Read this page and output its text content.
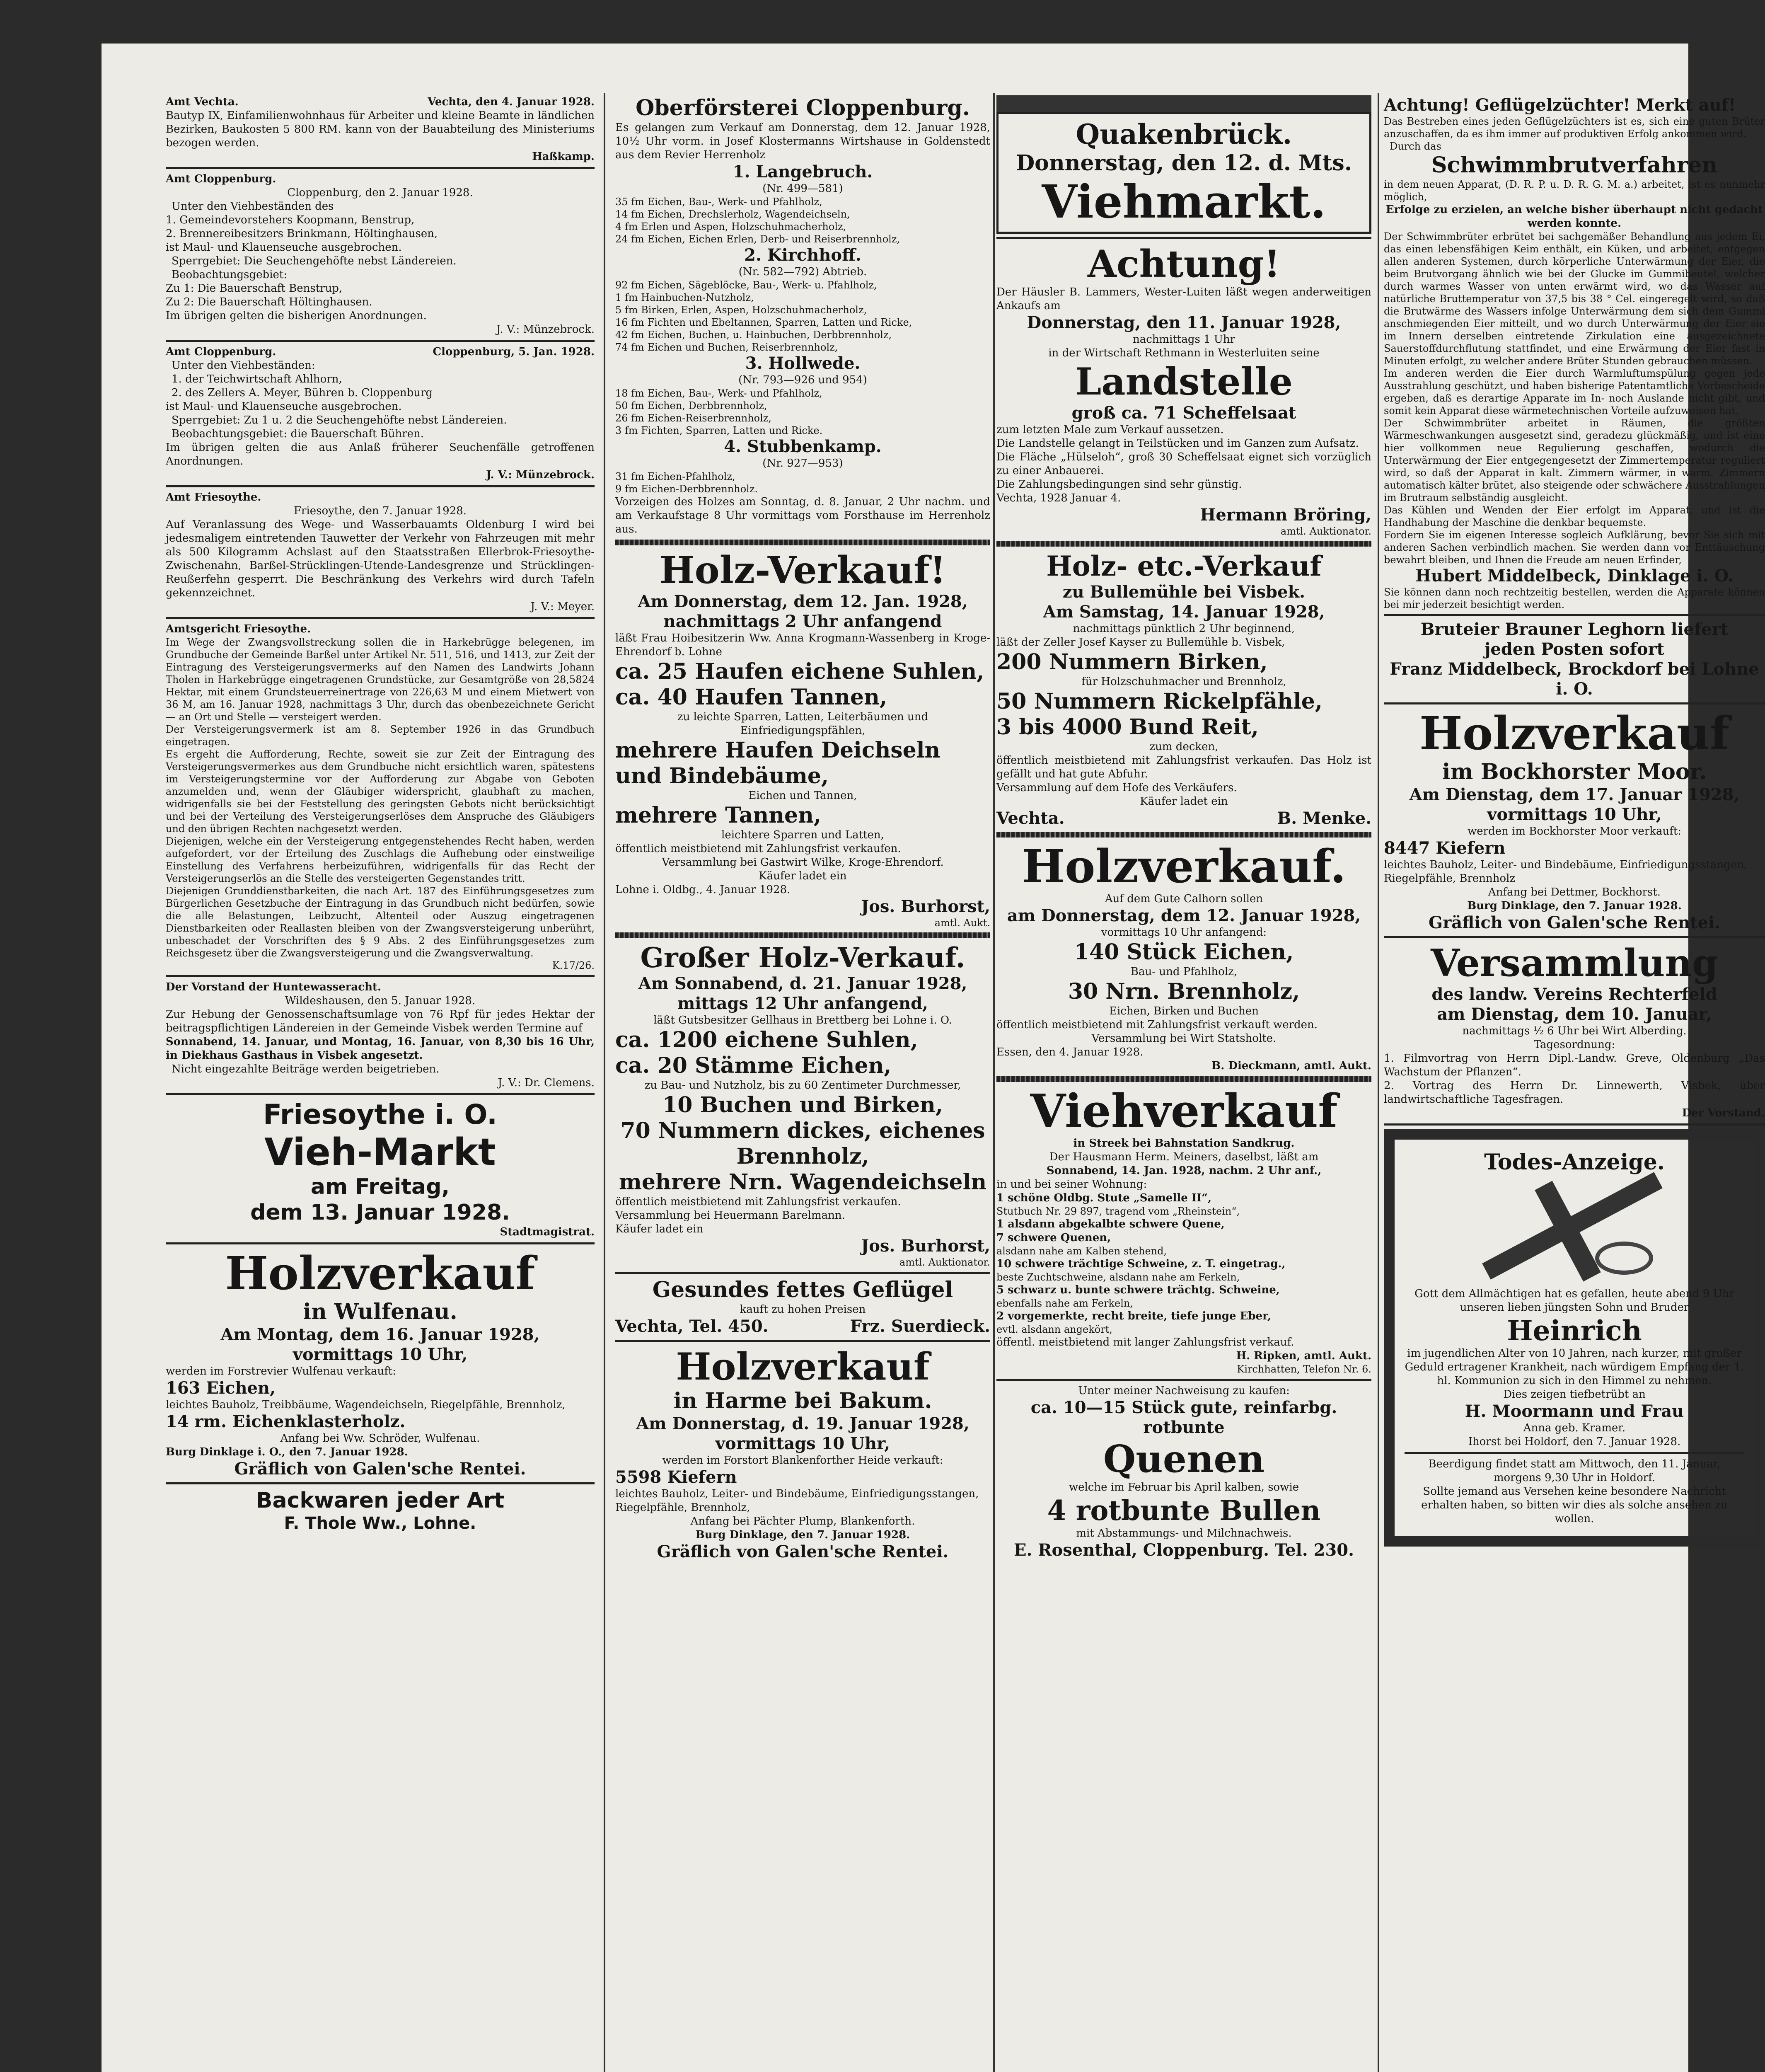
Amt Vechta.	Vechta, den 4. Januar 1928.
Bautyp IX, Einfamilienwohnhaus für Arbeiter und kleine Beamte in ländlichen Bezirken, Baukosten 5 800 RM. kann von der Bauabteilung des Ministeriums bezogen werden.
Haßkamp.
Amt Cloppenburg.
Cloppenburg, den 2. Januar 1928.
Unter den Viehbeständen des
1. Gemeindevorstehers Koopmann, Benstrup,
2. Brennereibesitzers Brinkmann, Höltinghausen,
ist Maul- und Klauenseuche ausgebrochen.
Sperrgebiet: Die Seuchengehöfte nebst Ländereien.
Beobachtungsgebiet:
Zu 1: Die Bauerschaft Benstrup,
Zu 2: Die Bauerschaft Höltinghausen.
Im übrigen gelten die bisherigen Anordnungen.
J. V.: Münzebrock.
Amt Cloppenburg.	Cloppenburg, 5. Jan. 1928.
Unter den Viehbeständen:
1. der Teichwirtschaft Ahlhorn,
2. des Zellers A. Meyer, Bühren b. Cloppenburg
ist Maul- und Klauenseuche ausgebrochen.
Sperrgebiet: Zu 1 u. 2 die Seuchengehöfte nebst Ländereien.
Beobachtungsgebiet: die Bauerschaft Bühren.
Im übrigen gelten die aus Anlaß früherer Seuchenfälle getroffenen Anordnungen.
J. V.: Münzebrock.
Amt Friesoythe.
Friesoythe, den 7. Januar 1928.
Auf Veranlassung des Wege- und Wasserbauamts Oldenburg I wird bei jedesmaligem eintretenden Tauwetter der Verkehr von Fahrzeugen mit mehr als 500 Kilogramm Achslast auf den Staatsstraßen Ellerbrok-Friesoythe-Zwischenahn, Barßel-Strücklingen-Utende-Landesgrenze und Strücklingen-Reußerfehn gesperrt. Die Beschränkung des Verkehrs wird durch Tafeln gekennzeichnet.
J. V.: Meyer.
Amtsgericht Friesoythe.
Im Wege der Zwangsvollstreckung sollen die in Harkebrügge belegenen, im Grundbuche der Gemeinde Barßel unter Artikel Nr. 511, 516, und 1413, zur Zeit der Eintragung des Versteigerungsvermerks auf den Namen des Landwirts Johann Tholen in Harkebrügge eingetragenen Grundstücke, zur Gesamtgröße von 28,5824 Hektar, mit einem Grundsteuerreinertrage von 226,63 M und einem Mietwert von 36 M, am 16. Januar 1928, nachmittags 3 Uhr, durch das obenbezeichnete Gericht — an Ort und Stelle — versteigert werden.
Der Versteigerungsvermerk ist am 8. September 1926 in das Grundbuch eingetragen.
Es ergeht die Aufforderung, Rechte, soweit sie zur Zeit der Eintragung des Versteigerungsvermerkes aus dem Grundbuche nicht ersichtlich waren, spätestens im Versteigerungstermine vor der Aufforderung zur Abgabe von Geboten anzumelden und, wenn der Gläubiger widerspricht, glaubhaft zu machen, widrigenfalls sie bei der Feststellung des geringsten Gebots nicht berücksichtigt und bei der Verteilung des Versteigerungserlöses dem Anspruche des Gläubigers und den übrigen Rechten nachgesetzt werden.
Diejenigen, welche ein der Versteigerung entgegenstehendes Recht haben, werden aufgefordert, vor der Erteilung des Zuschlags die Aufhebung oder einstweilige Einstellung des Verfahrens herbeizuführen, widrigenfalls für das Recht der Versteigerungserlös an die Stelle des versteigerten Gegenstandes tritt.
Diejenigen Grunddienstbarkeiten, die nach Art. 187 des Einführungsgesetzes zum Bürgerlichen Gesetzbuche der Eintragung in das Grundbuch nicht bedürfen, sowie die alle Belastungen, Leibzucht, Altenteil oder Auszug eingetragenen Dienstbarkeiten oder Reallasten bleiben von der Zwangsversteigerung unberührt, unbeschadet der Vorschriften des § 9 Abs. 2 des Einführungsgesetzes zum Reichsgesetz über die Zwangsversteigerung und die Zwangsverwaltung.
K.17/26.
Der Vorstand der Huntewasseracht.
Wildeshausen, den 5. Januar 1928.
Zur Hebung der Genossenschaftsumlage von 76 Rpf für jedes Hektar der beitragspflichtigen Ländereien in der Gemeinde Visbek werden Termine auf
Sonnabend, 14. Januar, und Montag, 16. Januar, von 8,30 bis 16 Uhr, in Diekhaus Gasthaus in Visbek angesetzt.
Nicht eingezahlte Beiträge werden beigetrieben.
J. V.: Dr. Clemens.
Friesoythe i. O.
Vieh-Markt
am Freitag,
dem 13. Januar 1928.
Stadtmagistrat.
Holzverkauf
in Wulfenau.
Am Montag, dem 16. Januar 1928,
vormittags 10 Uhr,
werden im Forstrevier Wulfenau verkauft:
163 Eichen,
leichtes Bauholz, Treibbäume, Wagendeichseln, Riegelpfähle, Brennholz,
14 rm. Eichenklasterholz.
Anfang bei Ww. Schröder, Wulfenau.
Burg Dinklage i. O., den 7. Januar 1928.
Gräflich von Galen'sche Rentei.
Backwaren jeder Art
F. Thole Ww., Lohne.
Oberförsterei Cloppenburg.
Es gelangen zum Verkauf am Donnerstag, dem 12. Januar 1928, 10½ Uhr vorm. in Josef Klostermanns Wirtshause in Goldenstedt aus dem Revier Herrenholz
1. Langebruch.
(Nr. 499—581)
35 fm Eichen, Bau-, Werk- und Pfahlholz,
14 fm Eichen, Drechslerholz, Wagendeichseln,
4 fm Erlen und Aspen, Holzschuhmacherholz,
24 fm Eichen, Eichen Erlen, Derb- und Reiserbrennholz,
2. Kirchhoff.
(Nr. 582—792) Abtrieb.
92 fm Eichen, Sägeblöcke, Bau-, Werk- u. Pfahlholz,
1 fm Hainbuchen-Nutzholz,
5 fm Birken, Erlen, Aspen, Holzschuhmacherholz,
16 fm Fichten und Ebeltannen, Sparren, Latten und Ricke,
42 fm Eichen, Buchen, u. Hainbuchen, Derbbrennholz,
74 fm Eichen und Buchen, Reiserbrennholz,
3. Hollwede.
(Nr. 793—926 und 954)
18 fm Eichen, Bau-, Werk- und Pfahlholz,
50 fm Eichen, Derbbrennholz,
26 fm Eichen-Reiserbrennholz,
3 fm Fichten, Sparren, Latten und Ricke.
4. Stubbenkamp.
(Nr. 927—953)
31 fm Eichen-Pfahlholz,
9 fm Eichen-Derbbrennholz.
Vorzeigen des Holzes am Sonntag, d. 8. Januar, 2 Uhr nachm. und am Verkaufstage 8 Uhr vormittags vom Forsthause im Herrenholz aus.
Holz-Verkauf!
Am Donnerstag, dem 12. Jan. 1928,
nachmittags 2 Uhr anfangend
läßt Frau Hoibesitzerin Ww. Anna Krogmann-Wassenberg in Kroge-Ehrendorf b. Lohne
ca. 25 Haufen eichene Suhlen,
ca. 40 Haufen Tannen,
zu leichte Sparren, Latten, Leiterbäumen und Einfriedigungspfählen,
mehrere Haufen Deichseln und Bindebäume,
Eichen und Tannen,
mehrere Tannen,
leichtere Sparren und Latten,
öffentlich meistbietend mit Zahlungsfrist verkaufen.
Versammlung bei Gastwirt Wilke, Kroge-Ehrendorf.
Käufer ladet ein
Lohne i. Oldbg., 4. Januar 1928.
Jos. Burhorst,
amtl. Aukt.
Großer Holz-Verkauf.
Am Sonnabend, d. 21. Januar 1928,
mittags 12 Uhr anfangend,
läßt Gutsbesitzer Gellhaus in Brettberg bei Lohne i. O.
ca. 1200 eichene Suhlen,
ca. 20 Stämme Eichen,
zu Bau- und Nutzholz, bis zu 60 Zentimeter Durchmesser,
10 Buchen und Birken,
70 Nummern dickes, eichenes Brennholz,
mehrere Nrn. Wagendeichseln
öffentlich meistbietend mit Zahlungsfrist verkaufen.
Versammlung bei Heuermann Barelmann.
Käufer ladet ein
Jos. Burhorst,
amtl. Auktionator.
Gesundes fettes Geflügel
kauft zu hohen Preisen
Vechta, Tel. 450.	Frz. Suerdieck.
Holzverkauf
in Harme bei Bakum.
Am Donnerstag, d. 19. Januar 1928,
vormittags 10 Uhr,
werden im Forstort Blankenforther Heide verkauft:
5598 Kiefern
leichtes Bauholz, Leiter- und Bindebäume, Einfriedigungsstangen, Riegelpfähle, Brennholz,
Anfang bei Pächter Plump, Blankenforth.
Burg Dinklage, den 7. Januar 1928.
Gräflich von Galen'sche Rentei.
Quakenbrück.
Donnerstag, den 12. d. Mts.
Viehmarkt.
Achtung!
Der Häusler B. Lammers, Wester-Luiten läßt wegen anderweitigen Ankaufs am
Donnerstag, den 11. Januar 1928,
nachmittags 1 Uhr
in der Wirtschaft Rethmann in Westerluiten seine
Landstelle
groß ca. 71 Scheffelsaat
zum letzten Male zum Verkauf aussetzen.
Die Landstelle gelangt in Teilstücken und im Ganzen zum Aufsatz.
Die Fläche „Hülseloh“, groß 30 Scheffelsaat eignet sich vorzüglich zu einer Anbauerei.
Die Zahlungsbedingungen sind sehr günstig.
Vechta, 1928 Januar 4.
Hermann Bröring,
amtl. Auktionator.
Holz- etc.-Verkauf
zu Bullemühle bei Visbek.
Am Samstag, 14. Januar 1928,
nachmittags pünktlich 2 Uhr beginnend,
läßt der Zeller Josef Kayser zu Bullemühle b. Visbek,
200 Nummern Birken,
für Holzschuhmacher und Brennholz,
50 Nummern Rickelpfähle,
3 bis 4000 Bund Reit,
zum decken,
öffentlich meistbietend mit Zahlungsfrist verkaufen. Das Holz ist gefällt und hat gute Abfuhr.
Versammlung auf dem Hofe des Verkäufers.
Käufer ladet ein
Vechta.	B. Menke.
Holzverkauf.
Auf dem Gute Calhorn sollen
am Donnerstag, dem 12. Januar 1928,
vormittags 10 Uhr anfangend:
140 Stück Eichen,
Bau- und Pfahlholz,
30 Nrn. Brennholz,
Eichen, Birken und Buchen
öffentlich meistbietend mit Zahlungsfrist verkauft werden.
Versammlung bei Wirt Statsholte.
Essen, den 4. Januar 1928.
B. Dieckmann, amtl. Aukt.
Viehverkauf
in Streek bei Bahnstation Sandkrug.
Der Hausmann Herm. Meiners, daselbst, läßt am
Sonnabend, 14. Jan. 1928, nachm. 2 Uhr anf.,
in und bei seiner Wohnung:
1 schöne Oldbg. Stute „Samelle II“,
Stutbuch Nr. 29 897, tragend vom „Rheinstein“,
1 alsdann abgekalbte schwere Quene,
7 schwere Quenen,
alsdann nahe am Kalben stehend,
10 schwere trächtige Schweine, z. T. eingetrag.,
beste Zuchtschweine, alsdann nahe am Ferkeln,
5 schwarz u. bunte schwere trächtg. Schweine,
ebenfalls nahe am Ferkeln,
2 vorgemerkte, recht breite, tiefe junge Eber,
evtl. alsdann angekört,
öffentl. meistbietend mit langer Zahlungsfrist verkauf.
H. Ripken, amtl. Aukt.
Kirchhatten, Telefon Nr. 6.
Unter meiner Nachweisung zu kaufen:
ca. 10—15 Stück gute, reinfarbg. rotbunte
Quenen
welche im Februar bis April kalben, sowie
4 rotbunte Bullen
mit Abstammungs- und Milchnachweis.
E. Rosenthal, Cloppenburg. Tel. 230.
Achtung! Geflügelzüchter! Merkt auf!
Das Bestreben eines jeden Geflügelzüchters ist es, sich eine guten Brüter anzuschaffen, da es ihm immer auf produktiven Erfolg ankommen wird.
Durch das
Schwimmbrutverfahren
in dem neuen Apparat, (D. R. P. u. D. R. G. M. a.) arbeitet, ist es nunmehr möglich,
Erfolge zu erzielen, an welche bisher überhaupt nicht gedacht werden konnte.
Der Schwimmbrüter erbrütet bei sachgemäßer Behandlung aus jedem Ei, das einen lebensfähigen Keim enthält, ein Küken, und arbeitet, entgegen allen anderen Systemen, durch körperliche Unterwärmung der Eier, die beim Brutvorgang ähnlich wie bei der Glucke im Gummibeutel, welcher durch warmes Wasser von unten erwärmt wird, wo das Wasser auf natürliche Bruttemperatur von 37,5 bis 38 ° Cel. eingeregelt wird, so daß die Brutwärme des Wassers infolge Unterwärmung dem sich dem Gummi anschmiegenden Eier mitteilt, und wo durch Unterwärmung der Eier sie im Innern derselben eintretende Zirkulation eine ausgezeichnete Sauerstoffdurchflutung stattfindet, und eine Erwärmung der Eier fast in Minuten erfolgt, zu welcher andere Brüter Stunden gebrauchen müssen.
Im anderen werden die Eier durch Warmluftumspülung gegen jede Ausstrahlung geschützt, und haben bisherige Patentamtliche Vorbescheide ergeben, daß es derartige Apparate im In- noch Auslande nicht gibt, und somit kein Apparat diese wärmetechnischen Vorteile aufzuweisen hat.
Der Schwimmbrüter arbeitet in Räumen, die größten Wärmeschwankungen ausgesetzt sind, geradezu glückmäßig, und ist eine hier vollkommen neue Regulierung geschaffen, wodurch die Unterwärmung der Eier entgegengesetzt der Zimmertemperatur reguliert wird, so daß der Apparat in kalt. Zimmern wärmer, in warm. Zimmern automatisch kälter brütet, also steigende oder schwächere Ausstrahlungen im Brutraum selbständig ausgleicht.
Das Kühlen und Wenden der Eier erfolgt im Apparat, und ist die Handhabung der Maschine die denkbar bequemste.
Fordern Sie im eigenen Interesse sogleich Aufklärung, bevor Sie sich mit anderen Sachen verbindlich machen. Sie werden dann vor Enttäuschung bewahrt bleiben, und Ihnen die Freude am neuen Erfinder,
Hubert Middelbeck, Dinklage i. O.
Sie können dann noch rechtzeitig bestellen, werden die Apparate können bei mir jederzeit besichtigt werden.
Bruteier Brauner Leghorn liefert
jeden Posten sofort
Franz Middelbeck, Brockdorf bei Lohne i. O.
Holzverkauf
im Bockhorster Moor.
Am Dienstag, dem 17. Januar 1928,
vormittags 10 Uhr,
werden im Bockhorster Moor verkauft:
8447 Kiefern
leichtes Bauholz, Leiter- und Bindebäume, Einfriedigungsstangen, Riegelpfähle, Brennholz
Anfang bei Dettmer, Bockhorst.
Burg Dinklage, den 7. Januar 1928.
Gräflich von Galen'sche Rentei.
Versammlung
des landw. Vereins Rechterfeld
am Dienstag, dem 10. Januar,
nachmittags ½ 6 Uhr bei Wirt Alberding.
Tagesordnung:
1. Filmvortrag von Herrn Dipl.-Landw. Greve, Oldenburg „Das Wachstum der Pflanzen“.
2. Vortrag des Herrn Dr. Linnewerth, Visbek, über landwirtschaftliche Tagesfragen.
Der Vorstand.
Todes-Anzeige.
Gott dem Allmächtigen hat es gefallen, heute abend 9 Uhr unseren lieben jüngsten Sohn und Bruder
Heinrich
im jugendlichen Alter von 10 Jahren, nach kurzer, mit großer Geduld ertragener Krankheit, nach würdigem Empfang der 1. hl. Kommunion zu sich in den Himmel zu nehmen.
Dies zeigen tiefbetrübt an
H. Moormann und Frau
Anna geb. Kramer.
Ihorst bei Holdorf, den 7. Januar 1928.
Beerdigung findet statt am Mittwoch, den 11. Januar, morgens 9,30 Uhr in Holdorf.
Sollte jemand aus Versehen keine besondere Nachricht erhalten haben, so bitten wir dies als solche ansehen zu wollen.
